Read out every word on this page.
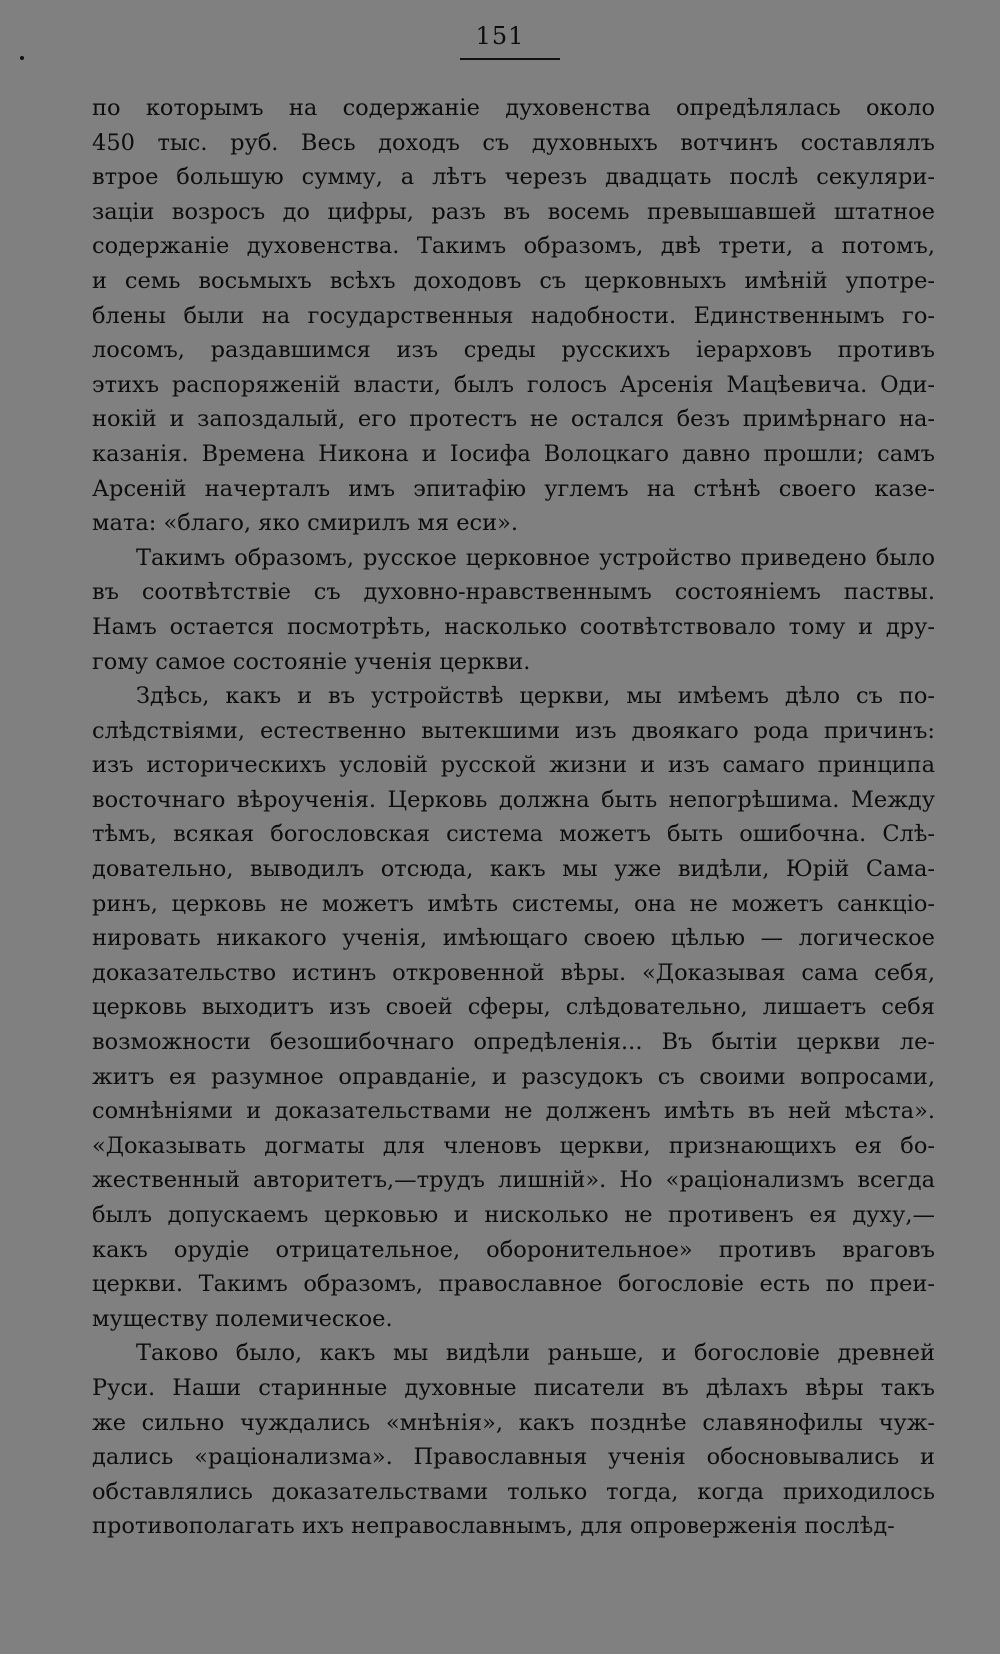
151
по которымъ на содержаніе духовенства опредѣлялась около
450 тыс. руб. Весь доходъ съ духовныхъ вотчинъ составлялъ
втрое большую сумму, а лѣтъ черезъ двадцать послѣ секуляри-
заціи возросъ до цифры, разъ въ восемь превышавшей штатное
содержаніе духовенства. Такимъ образомъ, двѣ трети, а потомъ,
и семь восьмыхъ всѣхъ доходовъ съ церковныхъ имѣній употре-
блены были на государственныя надобности. Единственнымъ го-
лосомъ, раздавшимся изъ среды русскихъ іерарховъ противъ
этихъ распоряженій власти, былъ голосъ Арсенія Мацѣевича. Оди-
нокій и запоздалый, его протестъ не остался безъ примѣрнаго на-
казанія. Времена Никона и Іосифа Волоцкаго давно прошли; самъ
Арсеній начерталъ имъ эпитафію углемъ на стѣнѣ своего казе-
мата: «благо, яко смирилъ мя еси».
Такимъ образомъ, русское церковное устройство приведено было
въ соотвѣтствіе съ духовно-нравственнымъ состояніемъ паствы.
Намъ остается посмотрѣть, насколько соотвѣтствовало тому и дру-
гому самое состояніе ученія церкви.
Здѣсь, какъ и въ устройствѣ церкви, мы имѣемъ дѣло съ по-
слѣдствіями, естественно вытекшими изъ двоякаго рода причинъ:
изъ историческихъ условій русской жизни и изъ самаго принципа
восточнаго вѣроученія. Церковь должна быть непогрѣшима. Между
тѣмъ, всякая богословская система можетъ быть ошибочна. Слѣ-
довательно, выводилъ отсюда, какъ мы уже видѣли, Юрій Сама-
ринъ, церковь не можетъ имѣть системы, она не можетъ санкціо-
нировать никакого ученія, имѣющаго своею цѣлью — логическое
доказательство истинъ откровенной вѣры. «Доказывая сама себя,
церковь выходитъ изъ своей сферы, слѣдовательно, лишаетъ себя
возможности безошибочнаго опредѣленія... Въ бытіи церкви ле-
житъ ея разумное оправданіе, и разсудокъ съ своими вопросами,
сомнѣніями и доказательствами не долженъ имѣть въ ней мѣста».
«Доказывать догматы для членовъ церкви, признающихъ ея бо-
жественный авторитетъ,—трудъ лишній». Но «раціонализмъ всегда
былъ допускаемъ церковью и нисколько не противенъ ея духу,—
какъ орудіе отрицательное, оборонительное» противъ враговъ
церкви. Такимъ образомъ, православное богословіе есть по преи-
муществу полемическое.
Таково было, какъ мы видѣли раньше, и богословіе древней
Руси. Наши старинные духовные писатели въ дѣлахъ вѣры такъ
же сильно чуждались «мнѣнія», какъ позднѣе славянофилы чуж-
дались «раціонализма». Православныя ученія обосновывались и
обставлялись доказательствами только тогда, когда приходилось
противополагать ихъ неправославнымъ, для опроверженія послѣд-
